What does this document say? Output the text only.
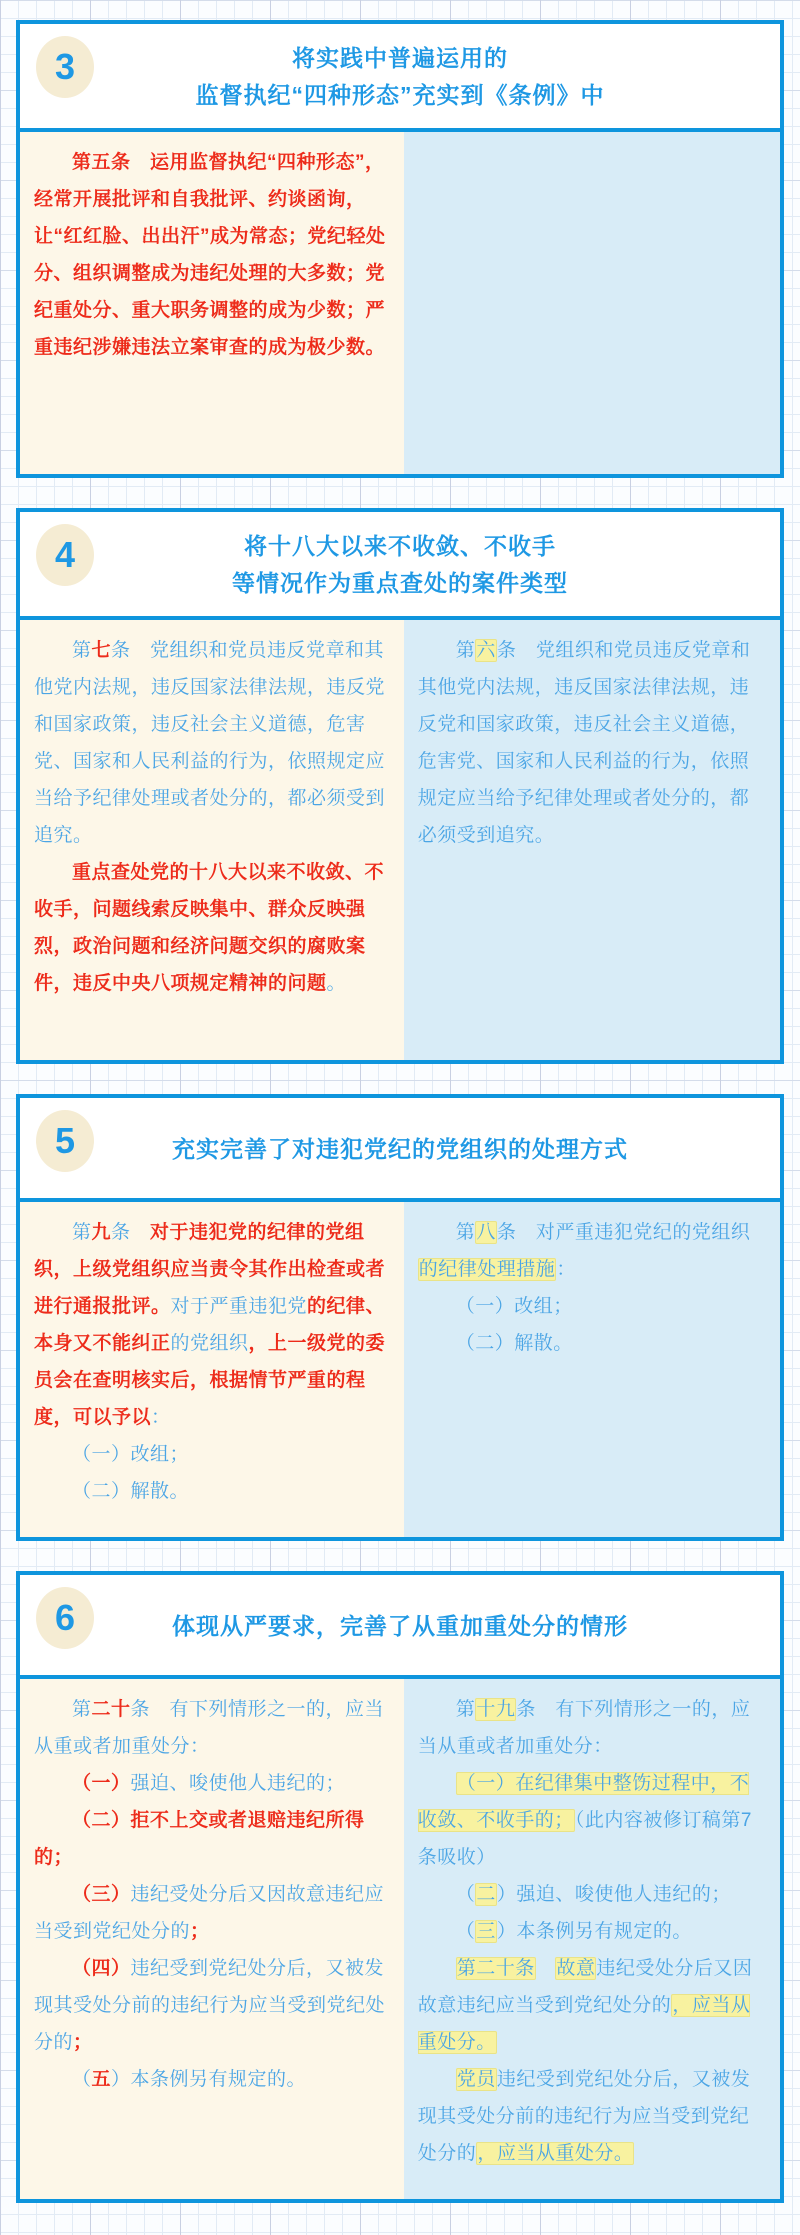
3	将实践中普遍运用的
监督执纪“四种形态”充实到《条例》中

第五条　运用监督执纪“四种形态”，经常开展批评和自我批评、约谈函询，让“红红脸、出出汗”成为常态；党纪轻处分、组织调整成为违纪处理的大多数；党纪重处分、重大职务调整的成为少数；严重违纪涉嫌违法立案审查的成为极少数。

4	将十八大以来不收敛、不收手
等情况作为重点查处的案件类型

第七条　党组织和党员违反党章和其他党内法规，违反国家法律法规，违反党和国家政策，违反社会主义道德，危害党、国家和人民利益的行为，依照规定应当给予纪律处理或者处分的，都必须受到追究。

重点查处党的十八大以来不收敛、不收手，问题线索反映集中、群众反映强烈，政治问题和经济问题交织的腐败案件，违反中央八项规定精神的问题。

第六条　党组织和党员违反党章和其他党内法规，违反国家法律法规，违反党和国家政策，违反社会主义道德，危害党、国家和人民利益的行为，依照规定应当给予纪律处理或者处分的，都必须受到追究。

5	充实完善了对违犯党纪的党组织的处理方式

第九条　对于违犯党的纪律的党组织，上级党组织应当责令其作出检查或者进行通报批评。对于严重违犯党的纪律、本身又不能纠正的党组织，上一级党的委员会在查明核实后，根据情节严重的程度，可以予以：

（一）改组；

（二）解散。

第八条　对严重违犯党纪的党组织的纪律处理措施：

（一）改组；

（二）解散。

6	体现从严要求，完善了从重加重处分的情形

第二十条　有下列情形之一的，应当从重或者加重处分：

（一）强迫、唆使他人违纪的；

（二）拒不上交或者退赔违纪所得的；

（三）违纪受处分后又因故意违纪应当受到党纪处分的；

（四）违纪受到党纪处分后，又被发现其受处分前的违纪行为应当受到党纪处分的；

（五）本条例另有规定的。

第十九条　有下列情形之一的，应当从重或者加重处分：

（一）在纪律集中整饬过程中，不收敛、不收手的；（此内容被修订稿第7条吸收）

（二）强迫、唆使他人违纪的；

（三）本条例另有规定的。

第二十条　 故意违纪受处分后又因故意违纪应当受到党纪处分的，应当从重处分。

党员违纪受到党纪处分后，又被发现其受处分前的违纪行为应当受到党纪处分的，应当从重处分。
